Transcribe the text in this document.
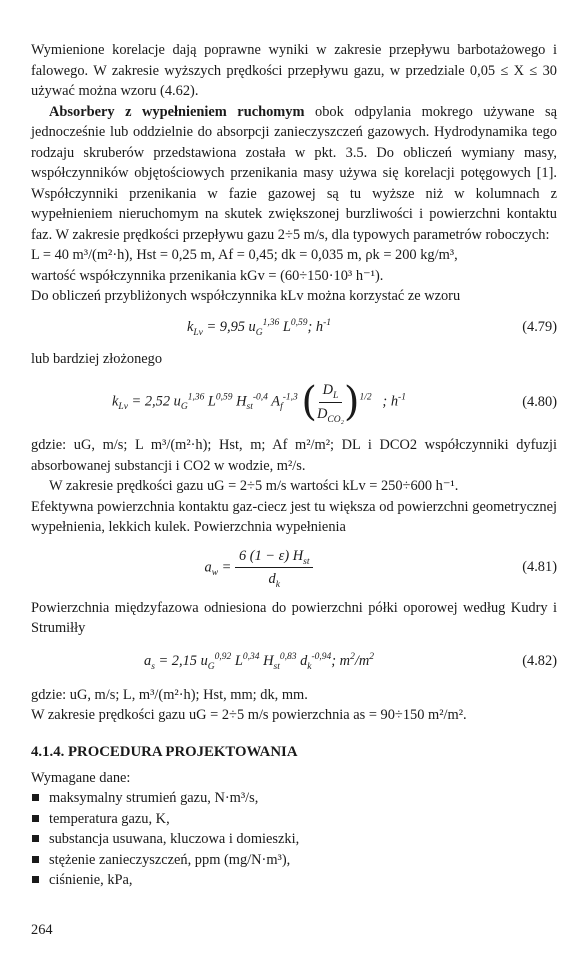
Wymienione korelacje dają poprawne wyniki w zakresie przepływu barbotażowego i falowego. W zakresie wyższych prędkości przepływu gazu, w przedziale 0,05 ≤ X ≤ 30 używać można wzoru (4.62).

Absorbery z wypełnieniem ruchomym obok odpylania mokrego używane są jednocześnie lub oddzielnie do absorpcji zanieczyszczeń gazowych. Hydrodynamika tego rodzaju skruberów przedstawiona została w pkt. 3.5. Do obliczeń wymiany masy, współczynników objętościowych przenikania masy używa się korelacji potęgowych [1]. Współczynniki przenikania w fazie gazowej są tu wyższe niż w kolumnach z wypełnieniem nieruchomym na skutek zwiększonej burzliwości i powierzchni kontaktu faz. W zakresie prędkości przepływu gazu 2÷5 m/s, dla typowych parametrów roboczych:

L = 40 m³/(m²·h), Hst = 0,25 m, Af = 0,45; dk = 0,035 m, ρk = 200 kg/m³,

wartość współczynnika przenikania kGv = (60÷150·10³ h⁻¹).

Do obliczeń przybliżonych współczynnika kLv można korzystać ze wzoru

$k_{Lv} = 9,95$ $u_G^{1,36}$ L$^{0,59}$; $h^{-1}$	(4.79)

lub bardziej złożonego

$k_{Lv} = 2,52$ $u_G^{1,36}$ L$^{0,59}$ $H_{st}^{-0,4}$ $A_f^{-1,3}$ ( $\frac{D_L}{D_{CO_2}} )^{1/2}$   ; $h^{-1}$	(4.80)

gdzie: uG, m/s; L m³/(m²·h); Hst, m; Af m²/m²; DL i DCO2 współczynniki dyfuzji absorbowanej substancji i CO2 w wodzie, m²/s.

W zakresie prędkości gazu uG = 2÷5 m/s wartości kLv = 250÷600 h⁻¹.

Efektywna powierzchnia kontaktu gaz-ciecz jest tu większa od powierzchni geometrycznej wypełnienia, lekkich kulek. Powierzchnia wypełnienia

$a_w = \frac{6 (1 - \varepsilon) H_{st}}{d_k}$	(4.81)

Powierzchnia międzyfazowa odniesiona do powierzchni półki oporowej według Kudry i Strumiłły

$a_s = 2,15$ $u_G^{0,92}$ L$^{0,34}$ $H_{st}^{0,83}$ $d_k^{-0,94}$; $m^2/m^2$	(4.82)

gdzie: uG, m/s; L, m³/(m²·h); Hst, mm; dk, mm.

W zakresie prędkości gazu uG = 2÷5 m/s powierzchnia as = 90÷150 m²/m².

4.1.4. PROCEDURA PROJEKTOWANIA

Wymagane dane:

maksymalny strumień gazu, N·m³/s,
temperatura gazu, K,
substancja usuwana, kluczowa i domieszki,
stężenie zanieczyszczeń, ppm (mg/N·m³),
ciśnienie, kPa,
264
